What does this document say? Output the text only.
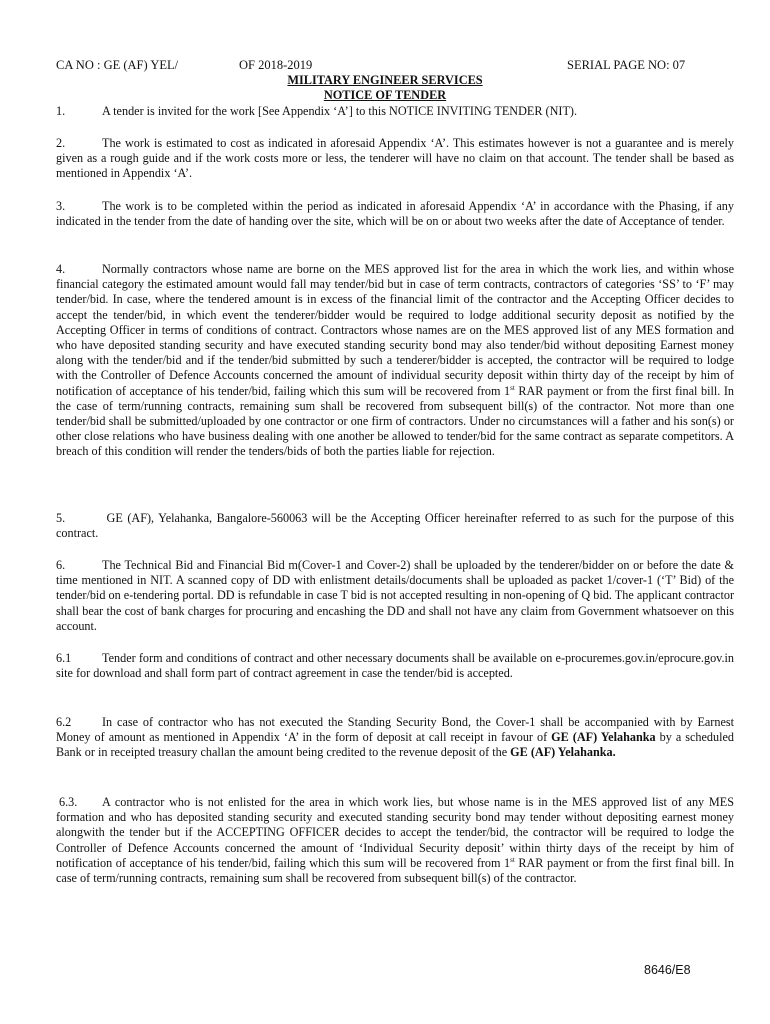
CA NO : GE (AF) YEL/	OF 2018-2019	SERIAL PAGE NO: 07
MILITARY ENGINEER SERVICES
NOTICE OF TENDER
1.	A tender is invited for the work [See Appendix ‘A’] to this NOTICE INVITING TENDER (NIT).
2.	The work is estimated to cost as indicated in aforesaid Appendix ‘A’. This estimates however is not a guarantee and is merely given as a rough guide and if the work costs more or less, the tenderer will have no claim on that account. The tender shall be based as mentioned in Appendix ‘A’.
3.	The work is to be completed within the period as indicated in aforesaid Appendix ‘A’ in accordance with the Phasing, if any indicated in the tender from the date of handing over the site, which will be on or about two weeks after the date of Acceptance of tender.
4.	Normally contractors whose name are borne on the MES approved list for the area in which the work lies, and within whose financial category the estimated amount would fall may tender/bid but in case of term contracts, contractors of categories ‘SS’ to ‘F’ may tender/bid. In case, where the tendered amount is in excess of the financial limit of the contractor and the Accepting Officer decides to accept the tender/bid, in which event the tenderer/bidder would be required to lodge additional security deposit as notified by the Accepting Officer in terms of conditions of contract. Contractors whose names are on the MES approved list of any MES formation and who have deposited standing security and have executed standing security bond may also tender/bid without depositing Earnest money along with the tender/bid and if the tender/bid submitted by such a tenderer/bidder is accepted, the contractor will be required to lodge with the Controller of Defence Accounts concerned the amount of individual security deposit within thirty day of the receipt by him of notification of acceptance of his tender/bid, failing which this sum will be recovered from 1st RAR payment or from the first final bill. In the case of term/running contracts, remaining sum shall be recovered from subsequent bill(s) of the contractor. Not more than one tender/bid shall be submitted/uploaded by one contractor or one firm of contractors. Under no circumstances will a father and his son(s) or other close relations who have business dealing with one another be allowed to tender/bid for the same contract as separate competitors. A breach of this condition will render the tenders/bids of both the parties liable for rejection.
5.	GE (AF), Yelahanka, Bangalore-560063 will be the Accepting Officer hereinafter referred to as such for the purpose of this contract.
6.	The Technical Bid and Financial Bid m(Cover-1 and Cover-2) shall be uploaded by the tenderer/bidder on or before the date & time mentioned in NIT. A scanned copy of DD with enlistment details/documents shall be uploaded as packet 1/cover-1 (‘T’ Bid) of the tender/bid on e-tendering portal. DD is refundable in case T bid is not accepted resulting in non-opening of Q bid. The applicant contractor shall bear the cost of bank charges for procuring and encashing the DD and shall not have any claim from Government whatsoever on this account.
6.1	Tender form and conditions of contract and other necessary documents shall be available on e-procuremes.gov.in/eprocure.gov.in site for download and shall form part of contract agreement in case the tender/bid is accepted.
6.2	In case of contractor who has not executed the Standing Security Bond, the Cover-1 shall be accompanied with by Earnest Money of amount as mentioned in Appendix ‘A’ in the form of deposit at call receipt in favour of GE (AF) Yelahanka by a scheduled Bank or in receipted treasury challan the amount being credited to the revenue deposit of the GE (AF) Yelahanka.
6.3. A contractor who is not enlisted for the area in which work lies, but whose name is in the MES approved list of any MES formation and who has deposited standing security and executed standing security bond may tender without depositing earnest money alongwith the tender but if the ACCEPTING OFFICER decides to accept the tender/bid, the contractor will be required to lodge the Controller of Defence Accounts concerned the amount of ‘Individual Security deposit’ within thirty days of the receipt by him of notification of acceptance of his tender/bid, failing which this sum will be recovered from 1st RAR payment or from the first final bill. In case of term/running contracts, remaining sum shall be recovered from subsequent bill(s) of the contractor.
8646/E8
